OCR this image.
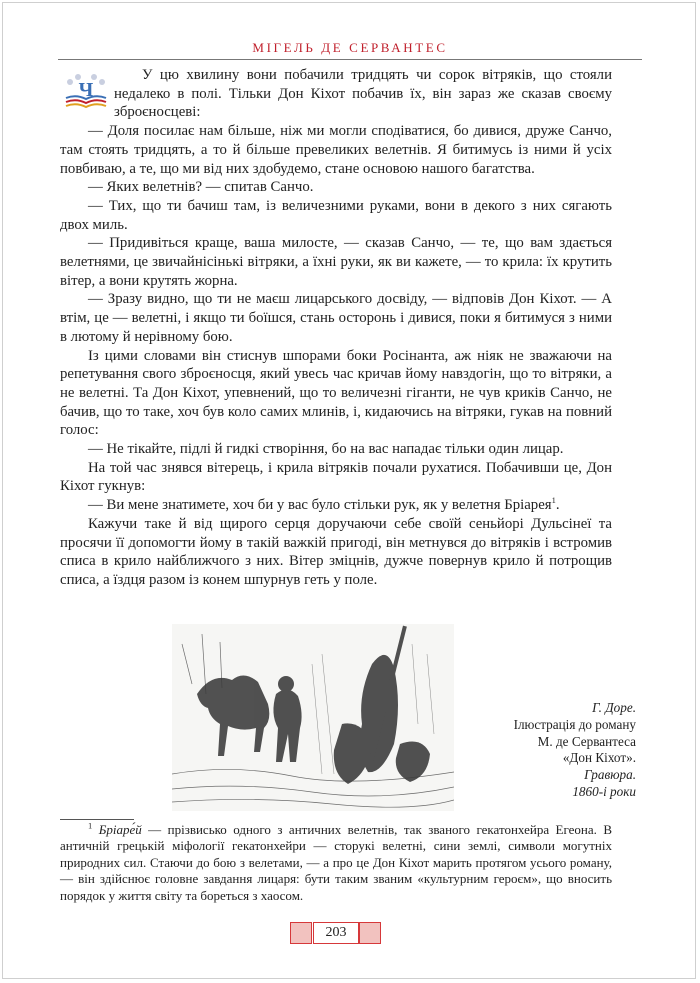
МІГЕЛЬ ДЕ СЕРВАНТЕС
Ч

У цю хвилину вони побачили тридцять чи сорок вітряків, що стояли недалеко в полі. Тільки Дон Кіхот побачив їх, він зараз же сказав своєму зброєносцеві:

— Доля посилає нам більше, ніж ми могли сподіватися, бо дивися, друже Санчо, там стоять тридцять, а то й більше превеликих велетнів. Я битимусь із ними й усіх повбиваю, а те, що ми від них здобудемо, стане основою нашого багатства.

— Яких велетнів? — спитав Санчо.

— Тих, що ти бачиш там, із величезними руками, вони в декого з них сягають двох миль.

— Придивіться краще, ваша милосте, — сказав Санчо, — те, що вам здається велетнями, це звичайнісінькі вітряки, а їхні руки, як ви кажете, — то крила: їх крутить вітер, а вони крутять жорна.

— Зразу видно, що ти не маєш лицарського досвіду, — відповів Дон Кіхот. — А втім, це — велетні, і якщо ти боїшся, стань осторонь і дивися, поки я битимуся з ними в лютому й нерівному бою.

Із цими словами він стиснув шпорами боки Росінанта, аж ніяк не зважаючи на репетування свого зброєносця, який увесь час кричав йому навздогін, що то вітряки, а не велетні. Та Дон Кіхот, упевнений, що то величезні гіганти, не чув криків Санчо, не бачив, що то таке, хоч був коло самих млинів, і, кидаючись на вітряки, гукав на повний голос:

— Не тікайте, підлі й гидкі створіння, бо на вас нападає тільки один лицар.

На той час знявся вітерець, і крила вітряків почали рухатися. Побачивши це, Дон Кіхот гукнув:

— Ви мене знатимете, хоч би у вас було стільки рук, як у велетня Бріарея$^1$.

Кажучи таке й від щирого серця доручаючи себе своїй сеньйорі Дульсінеї та просячи її допомогти йому в такій важкій пригоді, він метнувся до вітряків і встромив списа в крило найближчого з них. Вітер зміцнів, дужче повернув крило й потрощив списа, а їздця разом із конем шпурнув геть у поле.

Г. Доре.
Ілюстрація до роману
М. де Сервантеса
«Дон Кіхот».
Гравюра.
1860-і роки

$^1$ Бріаре́й — прізвисько одного з античних велетнів, так званого гекатонхейра Егеона. В античній грецькій міфології гекатонхейри — сторукі велетні, сини землі, символи могутніх природних сил. Стаючи до бою з велетами, — а про це Дон Кіхот марить протягом усього роману, — він здійснює головне завдання лицаря: бути таким званим «культурним героєм», що вносить порядок у життя світу та бореться з хаосом.

203
